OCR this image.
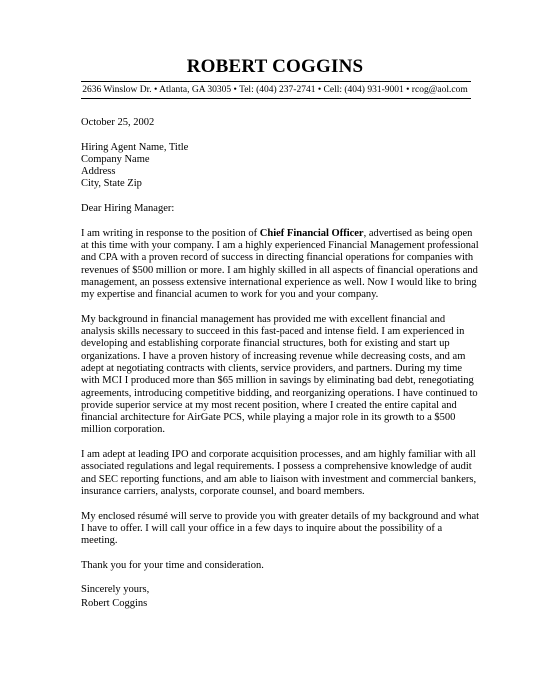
ROBERT COGGINS
2636 Winslow Dr. • Atlanta, GA 30305 • Tel: (404) 237-2741 • Cell: (404) 931-9001 • rcog@aol.com

October 25, 2002

Hiring Agent Name, Title
Company Name
Address
City, State Zip

Dear Hiring Manager:

I am writing in response to the position of Chief Financial Officer, advertised as being open at this time with your company. I am a highly experienced Financial Management professional and CPA with a proven record of success in directing financial operations for companies with revenues of $500 million or more. I am highly skilled in all aspects of financial operations and management, an possess extensive international experience as well. Now I would like to bring my expertise and financial acumen to work for you and your company.

My background in financial management has provided me with excellent financial and analysis skills necessary to succeed in this fast-paced and intense field. I am experienced in developing and establishing corporate financial structures, both for existing and start up organizations. I have a proven history of increasing revenue while decreasing costs, and am adept at negotiating contracts with clients, service providers, and partners. During my time with MCI I produced more than $65 million in savings by eliminating bad debt, renegotiating agreements, introducing competitive bidding, and reorganizing operations. I have continued to provide superior service at my most recent position, where I created the entire capital and financial architecture for AirGate PCS, while playing a major role in its growth to a $500 million corporation.

I am adept at leading IPO and corporate acquisition processes, and am highly familiar with all associated regulations and legal requirements. I possess a comprehensive knowledge of audit and SEC reporting functions, and am able to liaison with investment and commercial bankers, insurance carriers, analysts, corporate counsel, and board members.

My enclosed résumé will serve to provide you with greater details of my background and what I have to offer. I will call your office in a few days to inquire about the possibility of a meeting.

Thank you for your time and consideration.

Sincerely yours,

Robert Coggins
